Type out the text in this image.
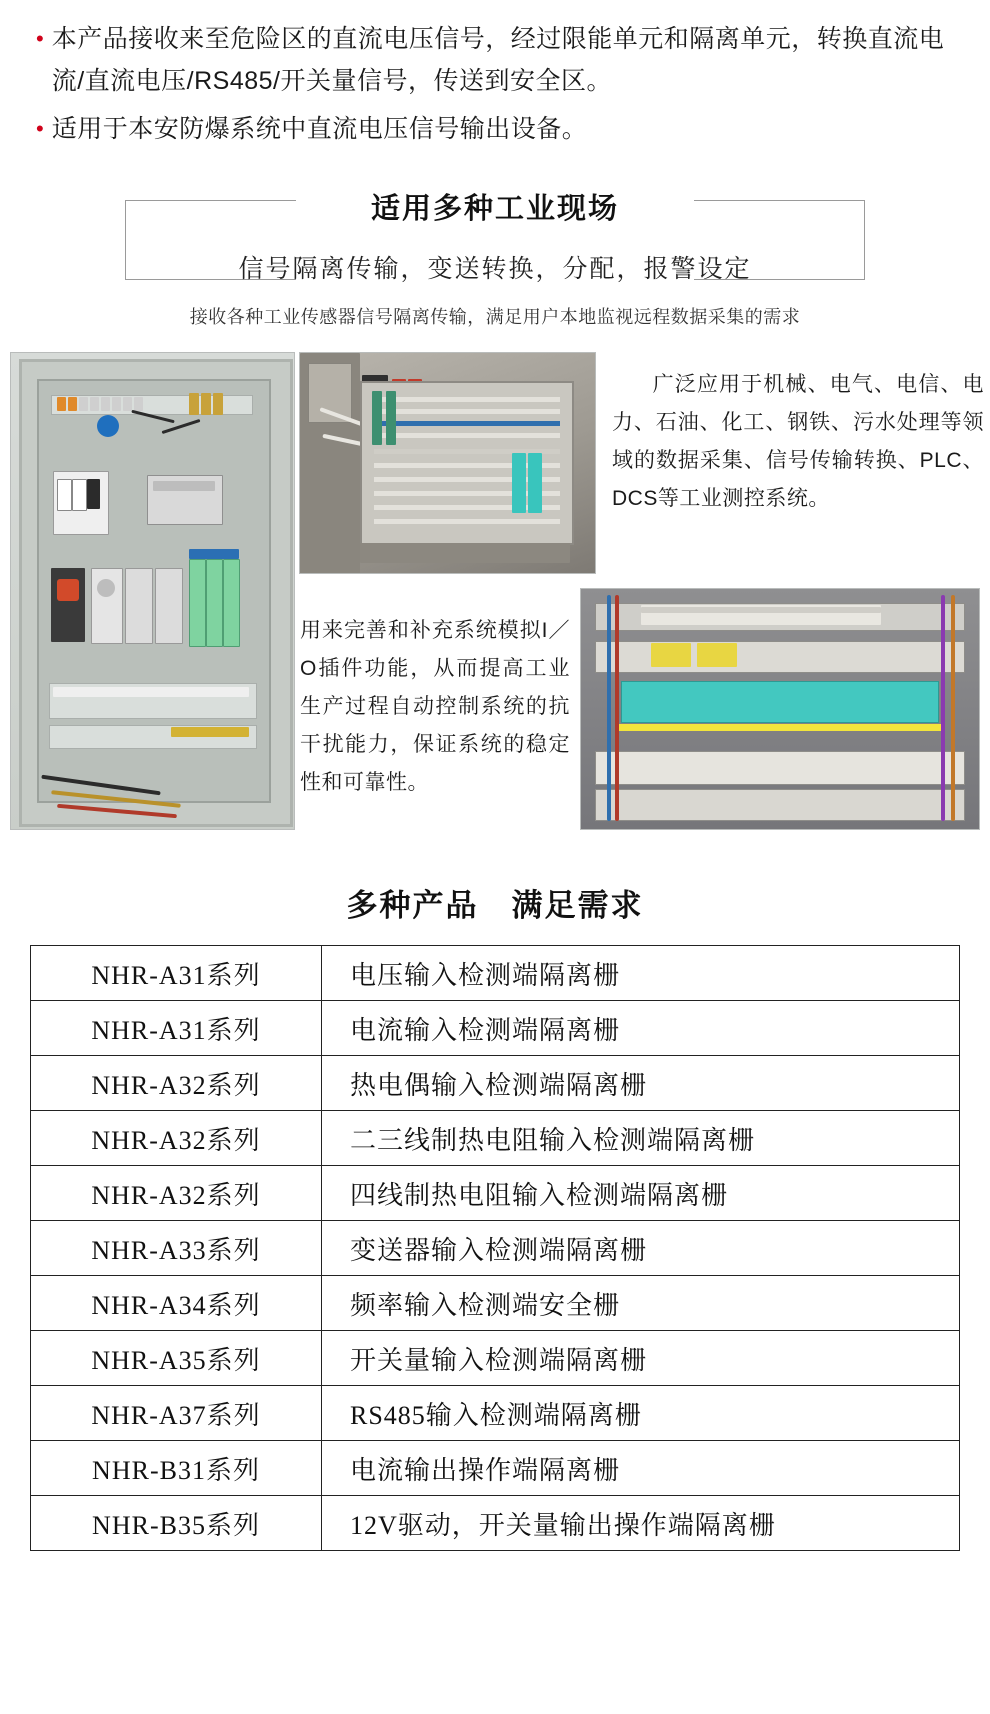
• 本产品接收来至危险区的直流电压信号，经过限能单元和隔离单元，转换直流电流/直流电压/RS485/开关量信号，传送到安全区。
• 适用于本安防爆系统中直流电压信号输出设备。
适用多种工业现场
信号隔离传输，变送转换，分配，报警设定
接收各种工业传感器信号隔离传输，满足用户本地监视远程数据采集的需求
广泛应用于机械、电气、电信、电力、石油、化工、钢铁、污水处理等领域的数据采集、信号传输转换、PLC、DCS等工业测控系统。
用来完善和补充系统模拟I／O插件功能，从而提高工业生产过程自动控制系统的抗干扰能力，保证系统的稳定性和可靠性。
多种产品　满足需求
NHR-A31系列	电压输入检测端隔离栅
NHR-A31系列	电流输入检测端隔离栅
NHR-A32系列	热电偶输入检测端隔离栅
NHR-A32系列	二三线制热电阻输入检测端隔离栅
NHR-A32系列	四线制热电阻输入检测端隔离栅
NHR-A33系列	变送器输入检测端隔离栅
NHR-A34系列	频率输入检测端安全栅
NHR-A35系列	开关量输入检测端隔离栅
NHR-A37系列	RS485输入检测端隔离栅
NHR-B31系列	电流输出操作端隔离栅
NHR-B35系列	12V驱动，开关量输出操作端隔离栅
